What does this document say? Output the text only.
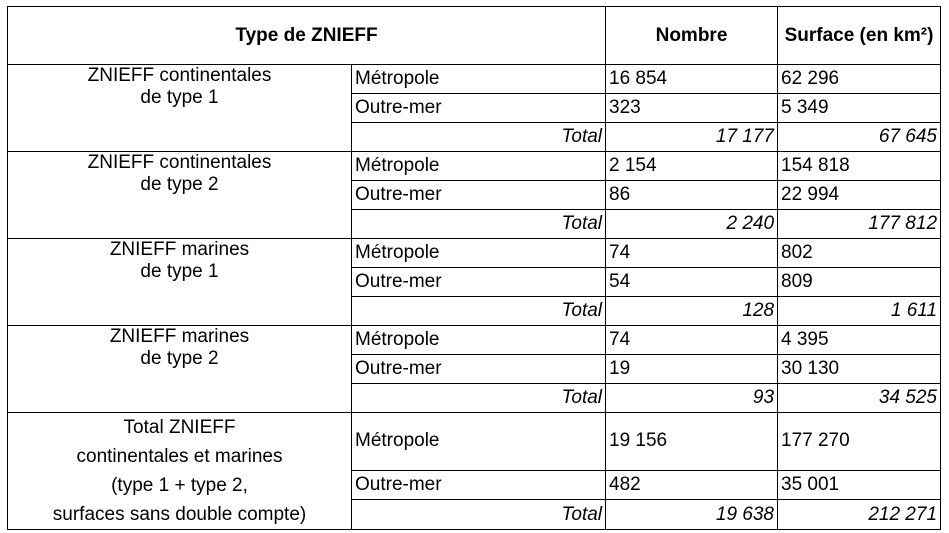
Type de ZNIEFF		Nombre	Surface (en km²)

ZNIEFF continentales
de type 1	Métropole	16 854	62 296
	Outre-mer	323	5 349
	Total	17 177	67 645

ZNIEFF continentales
de type 2	Métropole	2 154	154 818
	Outre-mer	86	22 994
	Total	2 240	177 812

ZNIEFF marines
de type 1	Métropole	74	802
	Outre-mer	54	809
	Total	128	1 611

ZNIEFF marines
de type 2	Métropole	74	4 395
	Outre-mer	19	30 130
	Total	93	34 525

Total ZNIEFF
continentales et marines
(type 1 + type 2,
surfaces sans double compte)	Métropole	19 156	177 270
	Outre-mer	482	35 001
	Total	19 638	212 271
